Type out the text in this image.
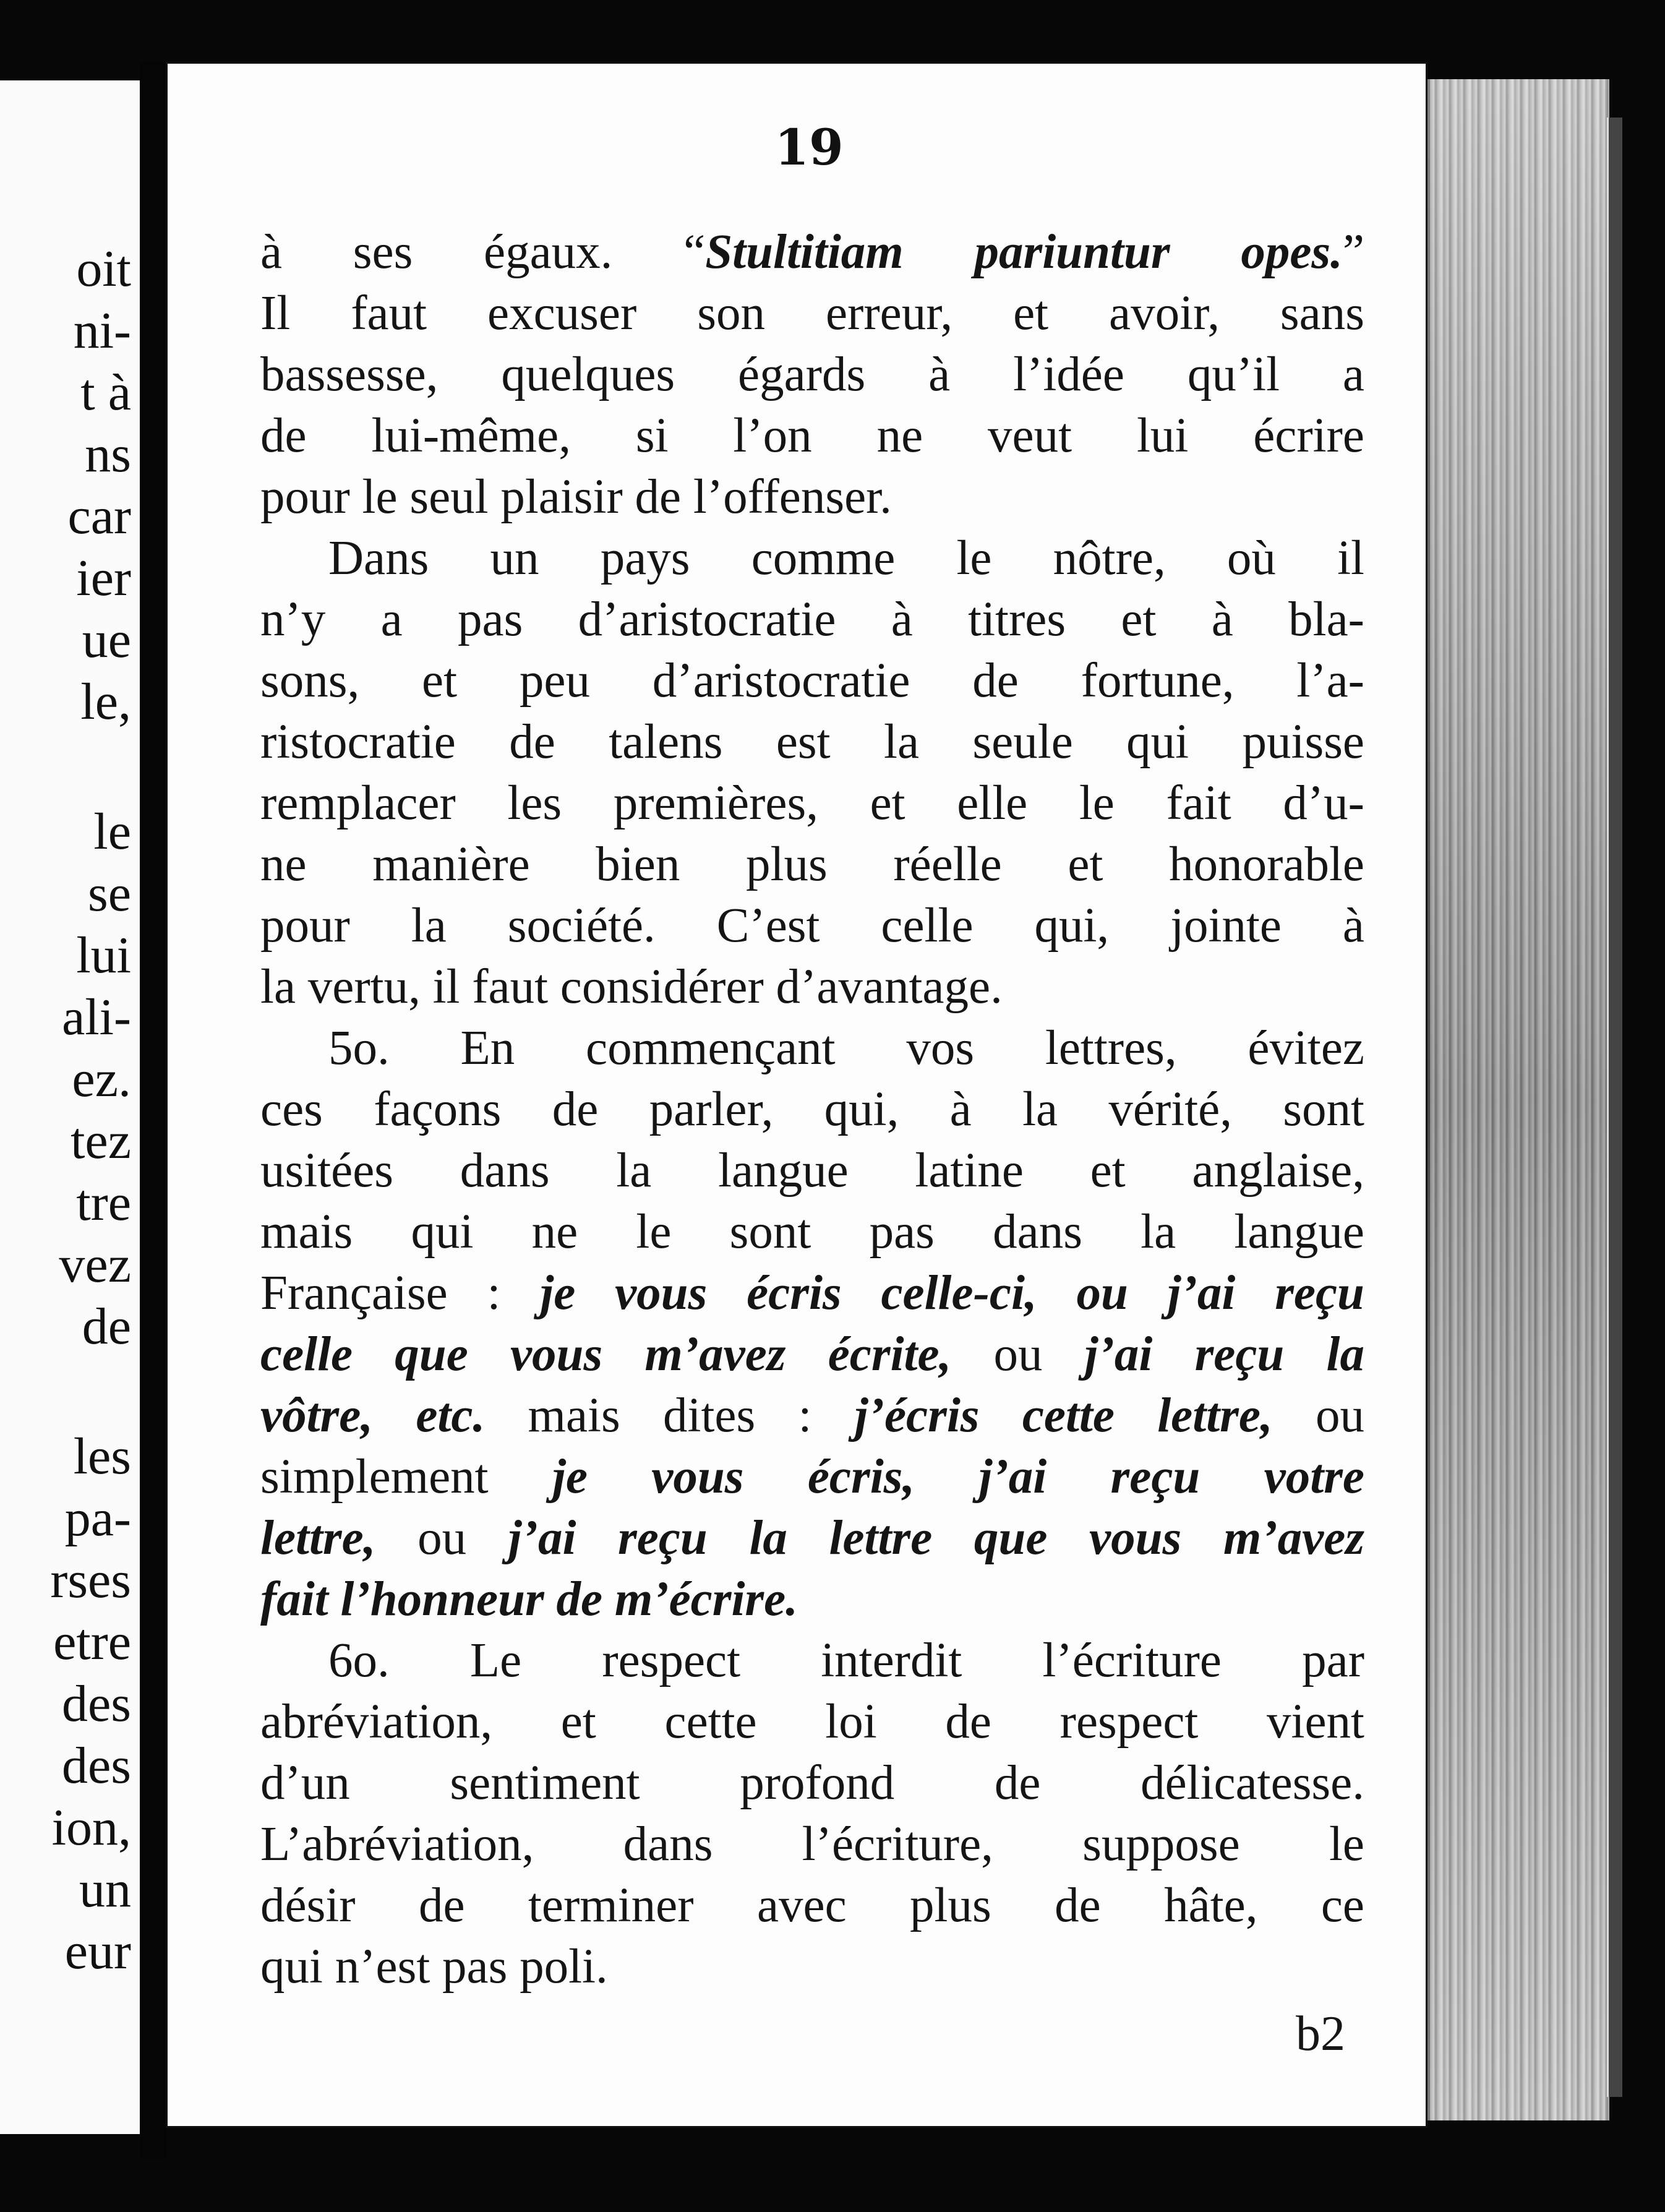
oit
ni-
t à
ns
car
ier
ue
le,
le
se
lui
ali-
ez.
tez
tre
vez
de
les
pa-
rses
etre
des
des
ion,
un
eur
19
à ses égaux. “Stultitiam pariuntur opes.”
Il faut excuser son erreur, et avoir, sans
bassesse, quelques égards à l’idée qu’il a
de lui-même, si l’on ne veut lui écrire
pour le seul plaisir de l’offenser.
Dans un pays comme le nôtre, où il
n’y a pas d’aristocratie à titres et à bla-
sons, et peu d’aristocratie de fortune, l’a-
ristocratie de talens est la seule qui puisse
remplacer les premières, et elle le fait d’u-
ne manière bien plus réelle et honorable
pour la société. C’est celle qui, jointe à
la vertu, il faut considérer d’avantage.
5o. En commençant vos lettres, évitez
ces façons de parler, qui, à la vérité, sont
usitées dans la langue latine et anglaise,
mais qui ne le sont pas dans la langue
Française : je vous écris celle-ci, ou j’ai reçu
celle que vous m’avez écrite, ou j’ai reçu la
vôtre, etc. mais dites : j’écris cette lettre, ou
simplement je vous écris, j’ai reçu votre
lettre, ou j’ai reçu la lettre que vous m’avez
fait l’honneur de m’écrire.
6o. Le respect interdit l’écriture par
abréviation, et cette loi de respect vient
d’un sentiment profond de délicatesse.
L’abréviation, dans l’écriture, suppose le
désir de terminer avec plus de hâte, ce
qui n’est pas poli.
b2
